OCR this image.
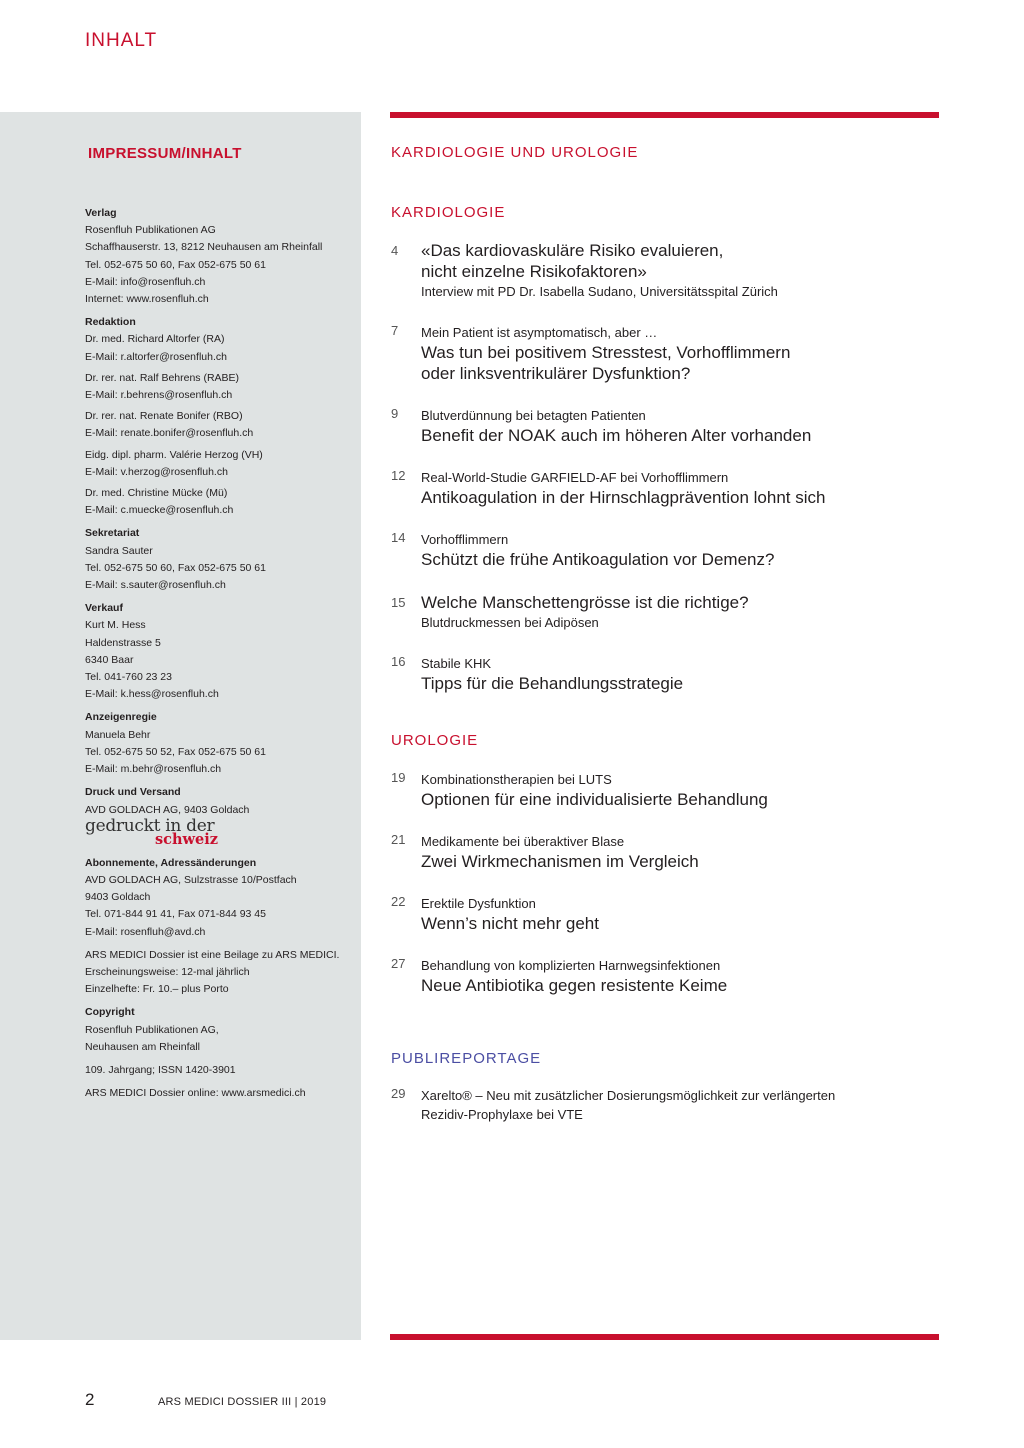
INHALT
IMPRESSUM/INHALT
Verlag
Rosenfluh Publikationen AG
Schaffhauserstr. 13, 8212 Neuhausen am Rheinfall
Tel. 052-675 50 60, Fax 052-675 50 61
E-Mail: info@rosenfluh.ch
Internet: www.rosenfluh.ch
Redaktion
Dr. med. Richard Altorfer (RA)
E-Mail: r.altorfer@rosenfluh.ch
Dr. rer. nat. Ralf Behrens (RABE)
E-Mail: r.behrens@rosenfluh.ch
Dr. rer. nat. Renate Bonifer (RBO)
E-Mail: renate.bonifer@rosenfluh.ch
Eidg. dipl. pharm. Valérie Herzog (VH)
E-Mail: v.herzog@rosenfluh.ch
Dr. med. Christine Mücke (Mü)
E-Mail: c.muecke@rosenfluh.ch
Sekretariat
Sandra Sauter
Tel. 052-675 50 60, Fax 052-675 50 61
E-Mail: s.sauter@rosenfluh.ch
Verkauf
Kurt M. Hess
Haldenstrasse 5
6340 Baar
Tel. 041-760 23 23
E-Mail: k.hess@rosenfluh.ch
Anzeigenregie
Manuela Behr
Tel. 052-675 50 52, Fax 052-675 50 61
E-Mail: m.behr@rosenfluh.ch
Druck und Versand
AVD GOLDACH AG, 9403 Goldach
gedruckt in der
schweiz
Abonnemente, Adressänderungen
AVD GOLDACH AG, Sulzstrasse 10/Postfach
9403 Goldach
Tel. 071-844 91 41, Fax 071-844 93 45
E-Mail: rosenfluh@avd.ch
ARS MEDICI Dossier ist eine Beilage zu ARS MEDICI.
Erscheinungsweise: 12-mal jährlich
Einzelhefte: Fr. 10.– plus Porto
Copyright
Rosenfluh Publikationen AG,
Neuhausen am Rheinfall
109. Jahrgang; ISSN 1420-3901
ARS MEDICI Dossier online: www.arsmedici.ch
KARDIOLOGIE UND UROLOGIE
KARDIOLOGIE
4 «Das kardiovaskuläre Risiko evaluieren,
nicht einzelne Risikofaktoren»
Interview mit PD Dr. Isabella Sudano, Universitätsspital Zürich
7 Mein Patient ist asymptomatisch, aber …
Was tun bei positivem Stresstest, Vorhofflimmern
oder linksventrikulärer Dysfunktion?
9 Blutverdünnung bei betagten Patienten
Benefit der NOAK auch im höheren Alter vorhanden
12 Real-World-Studie GARFIELD-AF bei Vorhofflimmern
Antikoagulation in der Hirnschlagprävention lohnt sich
14 Vorhofflimmern
Schützt die frühe Antikoagulation vor Demenz?
15 Welche Manschettengrösse ist die richtige?
Blutdruckmessen bei Adipösen
16 Stabile KHK
Tipps für die Behandlungsstrategie
UROLOGIE
19 Kombinationstherapien bei LUTS
Optionen für eine individualisierte Behandlung
21 Medikamente bei überaktiver Blase
Zwei Wirkmechanismen im Vergleich
22 Erektile Dysfunktion
Wenn’s nicht mehr geht
27 Behandlung von komplizierten Harnwegsinfektionen
Neue Antibiotika gegen resistente Keime
PUBLIREPORTAGE
29 Xarelto® – Neu mit zusätzlicher Dosierungsmöglichkeit zur verlängerten
Rezidiv-Prophylaxe bei VTE
2	ARS MEDICI DOSSIER III | 2019
